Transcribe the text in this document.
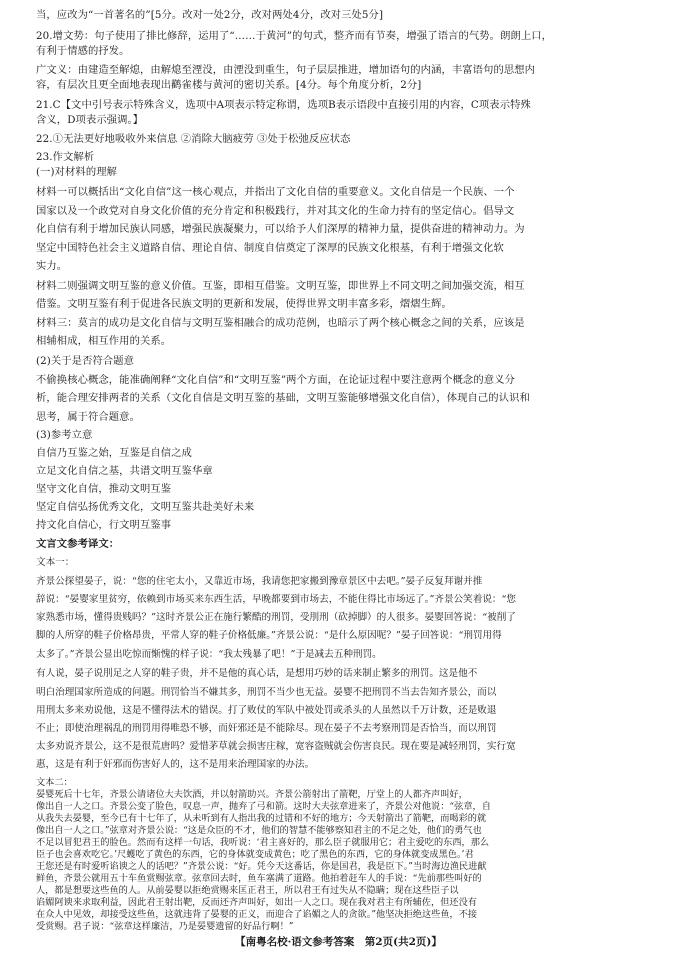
当，应改为“一首著名的”[5分。改对一处2分，改对两处4分，改对三处5分]
20.增文势：句子使用了排比修辞，运用了“……于黄河”的句式，整齐而有节奏，增强了语言的气势。朗朗上口，
有利于情感的抒发。
广文义：由建造至解熄，由解熄至湮没，由湮没到重生，句子层层推进，增加语句的内涵，丰富语句的思想内
容，有层次且更全面地表现出鹳雀楼与黄河的密切关系。[4分。每个角度分析，2分]
21.C【文中引号表示特殊含义，选项中A项表示特定称谓，选项B表示语段中直接引用的内容，C项表示特殊
含义，D项表示强调。】
22.①无法更好地吸收外来信息 ②消除大脑疲劳 ③处于松弛反应状态
23.作文解析
(一)对材料的理解
材料一可以概括出“文化自信”这一核心观点，并指出了文化自信的重要意义。文化自信是一个民族、一个
国家以及一个政党对自身文化价值的充分肯定和积极践行，并对其文化的生命力持有的坚定信心。倡导文
化自信有利于增加民族认同感，增强民族凝聚力，可以给予人们深厚的精神力量，提供奋进的精神动力。为
坚定中国特色社会主义道路自信、理论自信、制度自信奠定了深厚的民族文化根基，有利于增强文化软
实力。
材料二则强调文明互鉴的意义价值。互鉴，即相互借鉴。文明互鉴，即世界上不同文明之间加强交流，相互
借鉴。文明互鉴有利于促进各民族文明的更新和发展，使得世界文明丰富多彩，熠熠生辉。
材料三：莫言的成功是文化自信与文明互鉴相融合的成功范例，也暗示了两个核心概念之间的关系，应该是
相辅相成，相互作用的关系。
(2)关于是否符合题意
不偷换核心概念，能准确阐释“文化自信”和“文明互鉴”两个方面，在论证过程中要注意两个概念的意义分
析，能合理安排两者的关系（文化自信是文明互鉴的基础，文明互鉴能够增强文化自信），体现自己的认识和
思考，属于符合题意。
(3)参考立意
自信乃互鉴之始，互鉴是自信之成
立足文化自信之基，共谱文明互鉴华章
坚守文化自信，推动文明互鉴
坚定自信弘扬优秀文化，文明互鉴共赴美好未来
持文化自信心，行文明互鉴事
文言文参考译文：
文本一：
齐景公探望晏子，说：“您的住宅太小，又靠近市场，我请您把家搬到豫章景区中去吧。”晏子反复拜谢并推
辞说：“晏婴家里贫穷，依赖到市场买来东西生活，早晚都要到市场去，不能住得比市场远了。”齐景公笑着说：“您
家熟悉市场，懂得贵贱吗？”这时齐景公正在施行繁酷的刑罚，受刖刑（砍掉脚）的人很多。晏婴回答说：“被削了
脚的人所穿的鞋子价格昂贵，平常人穿的鞋子价格低廉。”齐景公说：“是什么原因呢？”晏子回答说：“刑罚用得
太多了。”齐景公显出吃惊而惭愧的样子说：“我太残暴了吧！”于是减去五种刑罚。
有人说，晏子说刖足之人穿的鞋子贵，并不是他的真心话，是想用巧妙的话来制止繁多的刑罚。这是他不
明白治理国家所造成的问题。刑罚恰当不嫌其多，刑罚不当少也无益。晏婴不把刑罚不当去告知齐景公，而以
用刑太多来劝说他，这是不懂得法术的错误。打了败仗的军队中被处罚或杀头的人虽然以千万计数，还是败退
不止；即使治理祸乱的刑罚用得唯恐不够，而奸邪还是不能除尽。现在晏子不去考察刑罚是否恰当，而以刑罚
太多劝说齐景公，这不是很荒唐吗？爱惜茅草就会损害庄稼，宽容盗贼就会伤害良民。现在要是减轻刑罚，实行宽
惠，这是有利于奸邪而伤害好人的，这不是用来治理国家的办法。
文本二：
晏婴死后十七年，齐景公请诸位大夫饮酒，并以射箭助兴。齐景公箭射出了箭靶，厅堂上的人都齐声叫好，
像出自一人之口。齐景公变了脸色，叹息一声，抛弃了弓和箭。这时大夫弦章进来了，齐景公对他说：“弦章，自
从我失去晏婴，至今已有十七年了，从未听到有人指出我的过错和不好的地方；今天射箭出了箭靶，而喝彩的就
像出自一人之口。”弦章对齐景公说：“这是众臣的不才，他们的智慧不能够察知君主的不足之处，他们的勇气也
不足以冒犯君王的脸色。然而有这样一句话，我听说：‘君主喜好的，那么臣子就服用它；君主爱吃的东西，那么
臣子也会喜欢吃它。’尺蠖吃了黄色的东西，它的身体就变成黄色；吃了黑色的东西，它的身体就变成黑色。’君
王您还是有时爱听谄谀之人的话吧？”齐景公说：“好。凭今天这番话，你是国君，我是臣下。”当时海边渔民进献
鲜鱼，齐景公就用五十车鱼赏赐弦章。弦章回去时，鱼车塞满了道路。他拍着赶车人的手说：“先前那些叫好的
人，都是想要这些鱼的人。从前晏婴以拒绝赏赐来匡正君王，所以君王有过失从不隐瞒；现在这些臣子以
谄媚阿谀来求取利益，因此君王射出靶，反而还齐声叫好，如出一人之口。现在我对君主有所辅佐，但还没有
在众人中见效，却接受这些鱼，这就违背了晏婴的正义，而迎合了谄媚之人的贪欲。”他坚决拒绝这些鱼，不接
受赏赐。君子说：“弦章这样廉洁，乃是晏婴遗留的好品行啊！”
【南粤名校·语文参考答案　第2页(共2页)】
